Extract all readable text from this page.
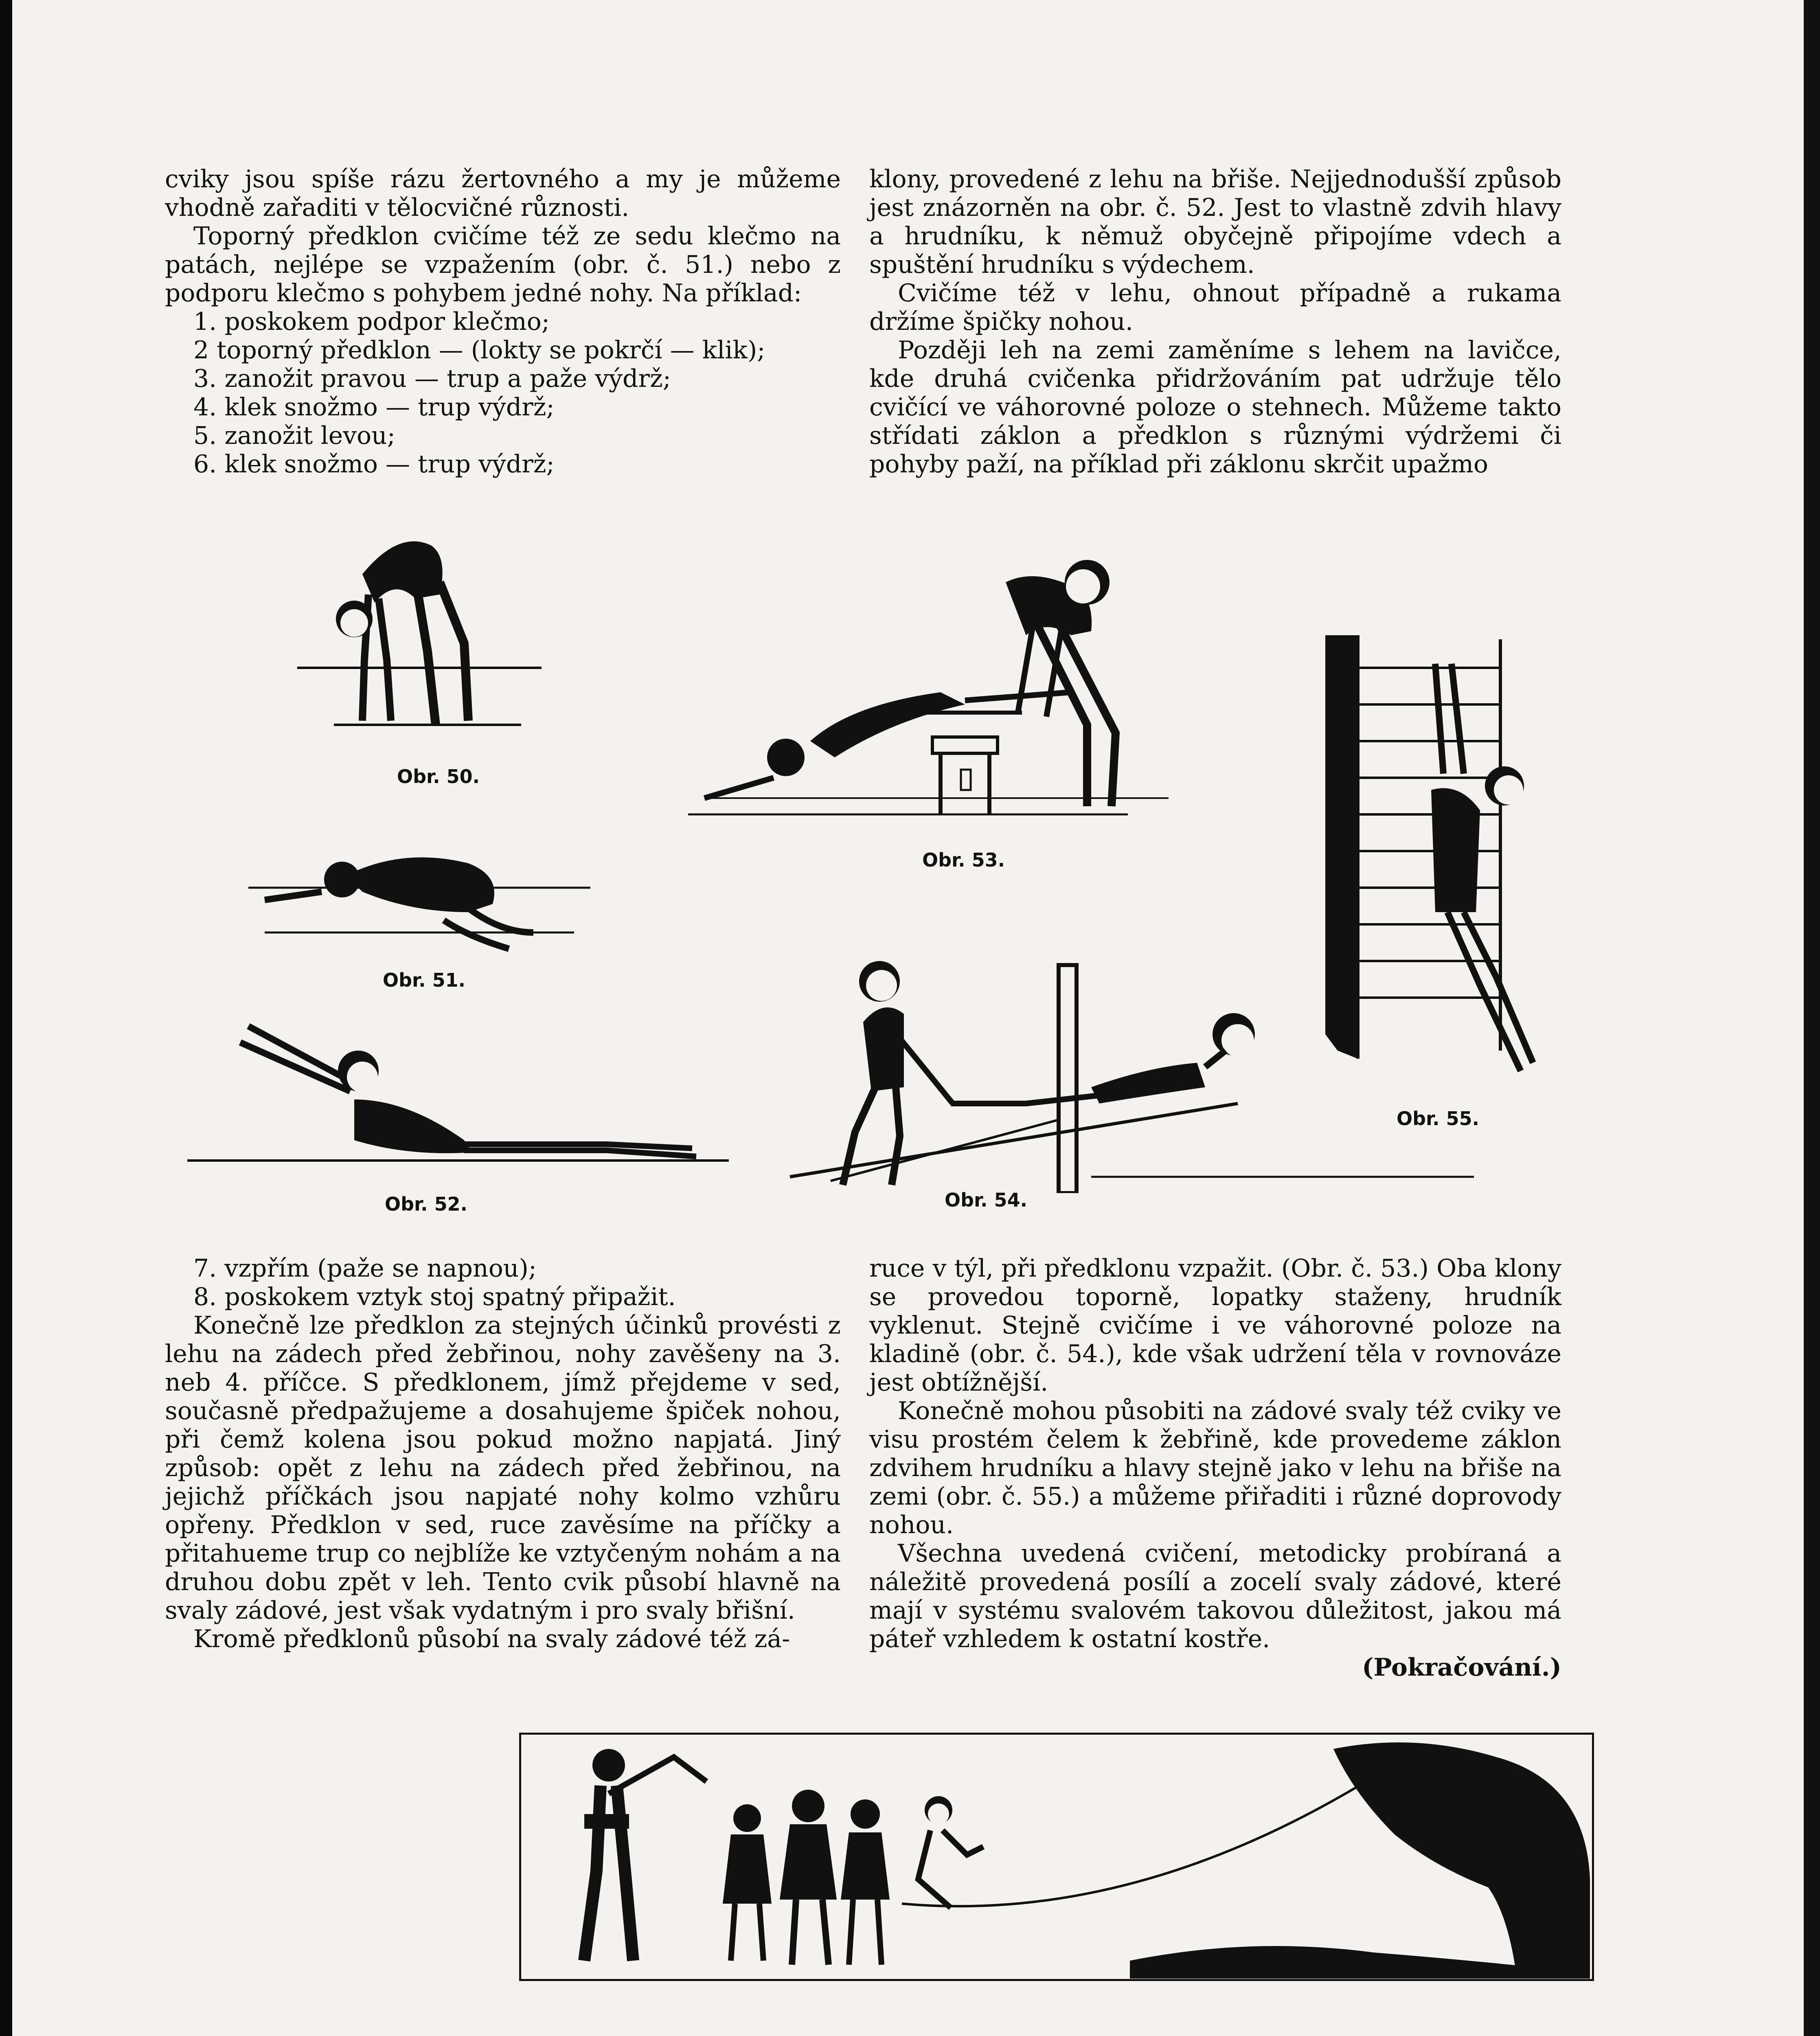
cviky jsou spíše rázu žertovného a my je můžeme vhodně zařaditi v tělocvičné různosti.

Toporný předklon cvičíme též ze sedu klečmo na patách, nejlépe se vzpažením (obr. č. 51.) nebo z podporu klečmo s pohybem jedné nohy. Na příklad:

1. poskokem podpor klečmo;

2 toporný předklon — (lokty se pokrčí — klik);

3. zanožit pravou — trup a paže výdrž;

4. klek snožmo — trup výdrž;

5. zanožit levou;

6. klek snožmo — trup výdrž;

klony, provedené z lehu na břiše. Nejjednodušší způsob jest znázorněn na obr. č. 52. Jest to vlastně zdvih hlavy a hrudníku, k němuž obyčejně připojíme vdech a spuštění hrudníku s výdechem.

Cvičíme též v lehu, ohnout případně a rukama držíme špičky nohou.

Později leh na zemi zaměníme s lehem na lavičce, kde druhá cvičenka přidržováním pat udržuje tělo cvičící ve váhorovné poloze o stehnech. Můžeme takto střídati záklon a předklon s různými výdržemi či pohyby paží, na příklad při záklonu skrčit upažmo

Obr. 50.
Obr. 51.
Obr. 52.
Obr. 53.
Obr. 54.
Obr. 55.

7. vzpřím (paže se napnou);

8. poskokem vztyk stoj spatný připažit.

Konečně lze předklon za stejných účinků provésti z lehu na zádech před žebřinou, nohy zavěšeny na 3. neb 4. příčce. S předklonem, jímž přejdeme v sed, současně předpažujeme a dosahujeme špiček nohou, při čemž kolena jsou pokud možno napjatá. Jiný způsob: opět z lehu na zádech před žebřinou, na jejichž příčkách jsou napjaté nohy kolmo vzhůru opřeny. Předklon v sed, ruce zavěsíme na příčky a přitahueme trup co nejblíže ke vztyčeným nohám a na druhou dobu zpět v leh. Tento cvik působí hlavně na svaly zádové, jest však vydatným i pro svaly břišní.

Kromě předklonů působí na svaly zádové též zá-

ruce v týl, při předklonu vzpažit. (Obr. č. 53.) Oba klony se provedou toporně, lopatky staženy, hrudník vyklenut. Stejně cvičíme i ve váhorovné poloze na kladině (obr. č. 54.), kde však udržení těla v rovnováze jest obtížnější.

Konečně mohou působiti na zádové svaly též cviky ve visu prostém čelem k žebřině, kde provedeme záklon zdvihem hrudníku a hlavy stejně jako v lehu na břiše na zemi (obr. č. 55.) a můžeme přiřaditi i různé doprovody nohou.

Všechna uvedená cvičení, metodicky probíraná a náležitě provedená posílí a zocelí svaly zádové, které mají v systému svalovém takovou důležitost, jakou má páteř vzhledem k ostatní kostře.

(Pokračování.)
